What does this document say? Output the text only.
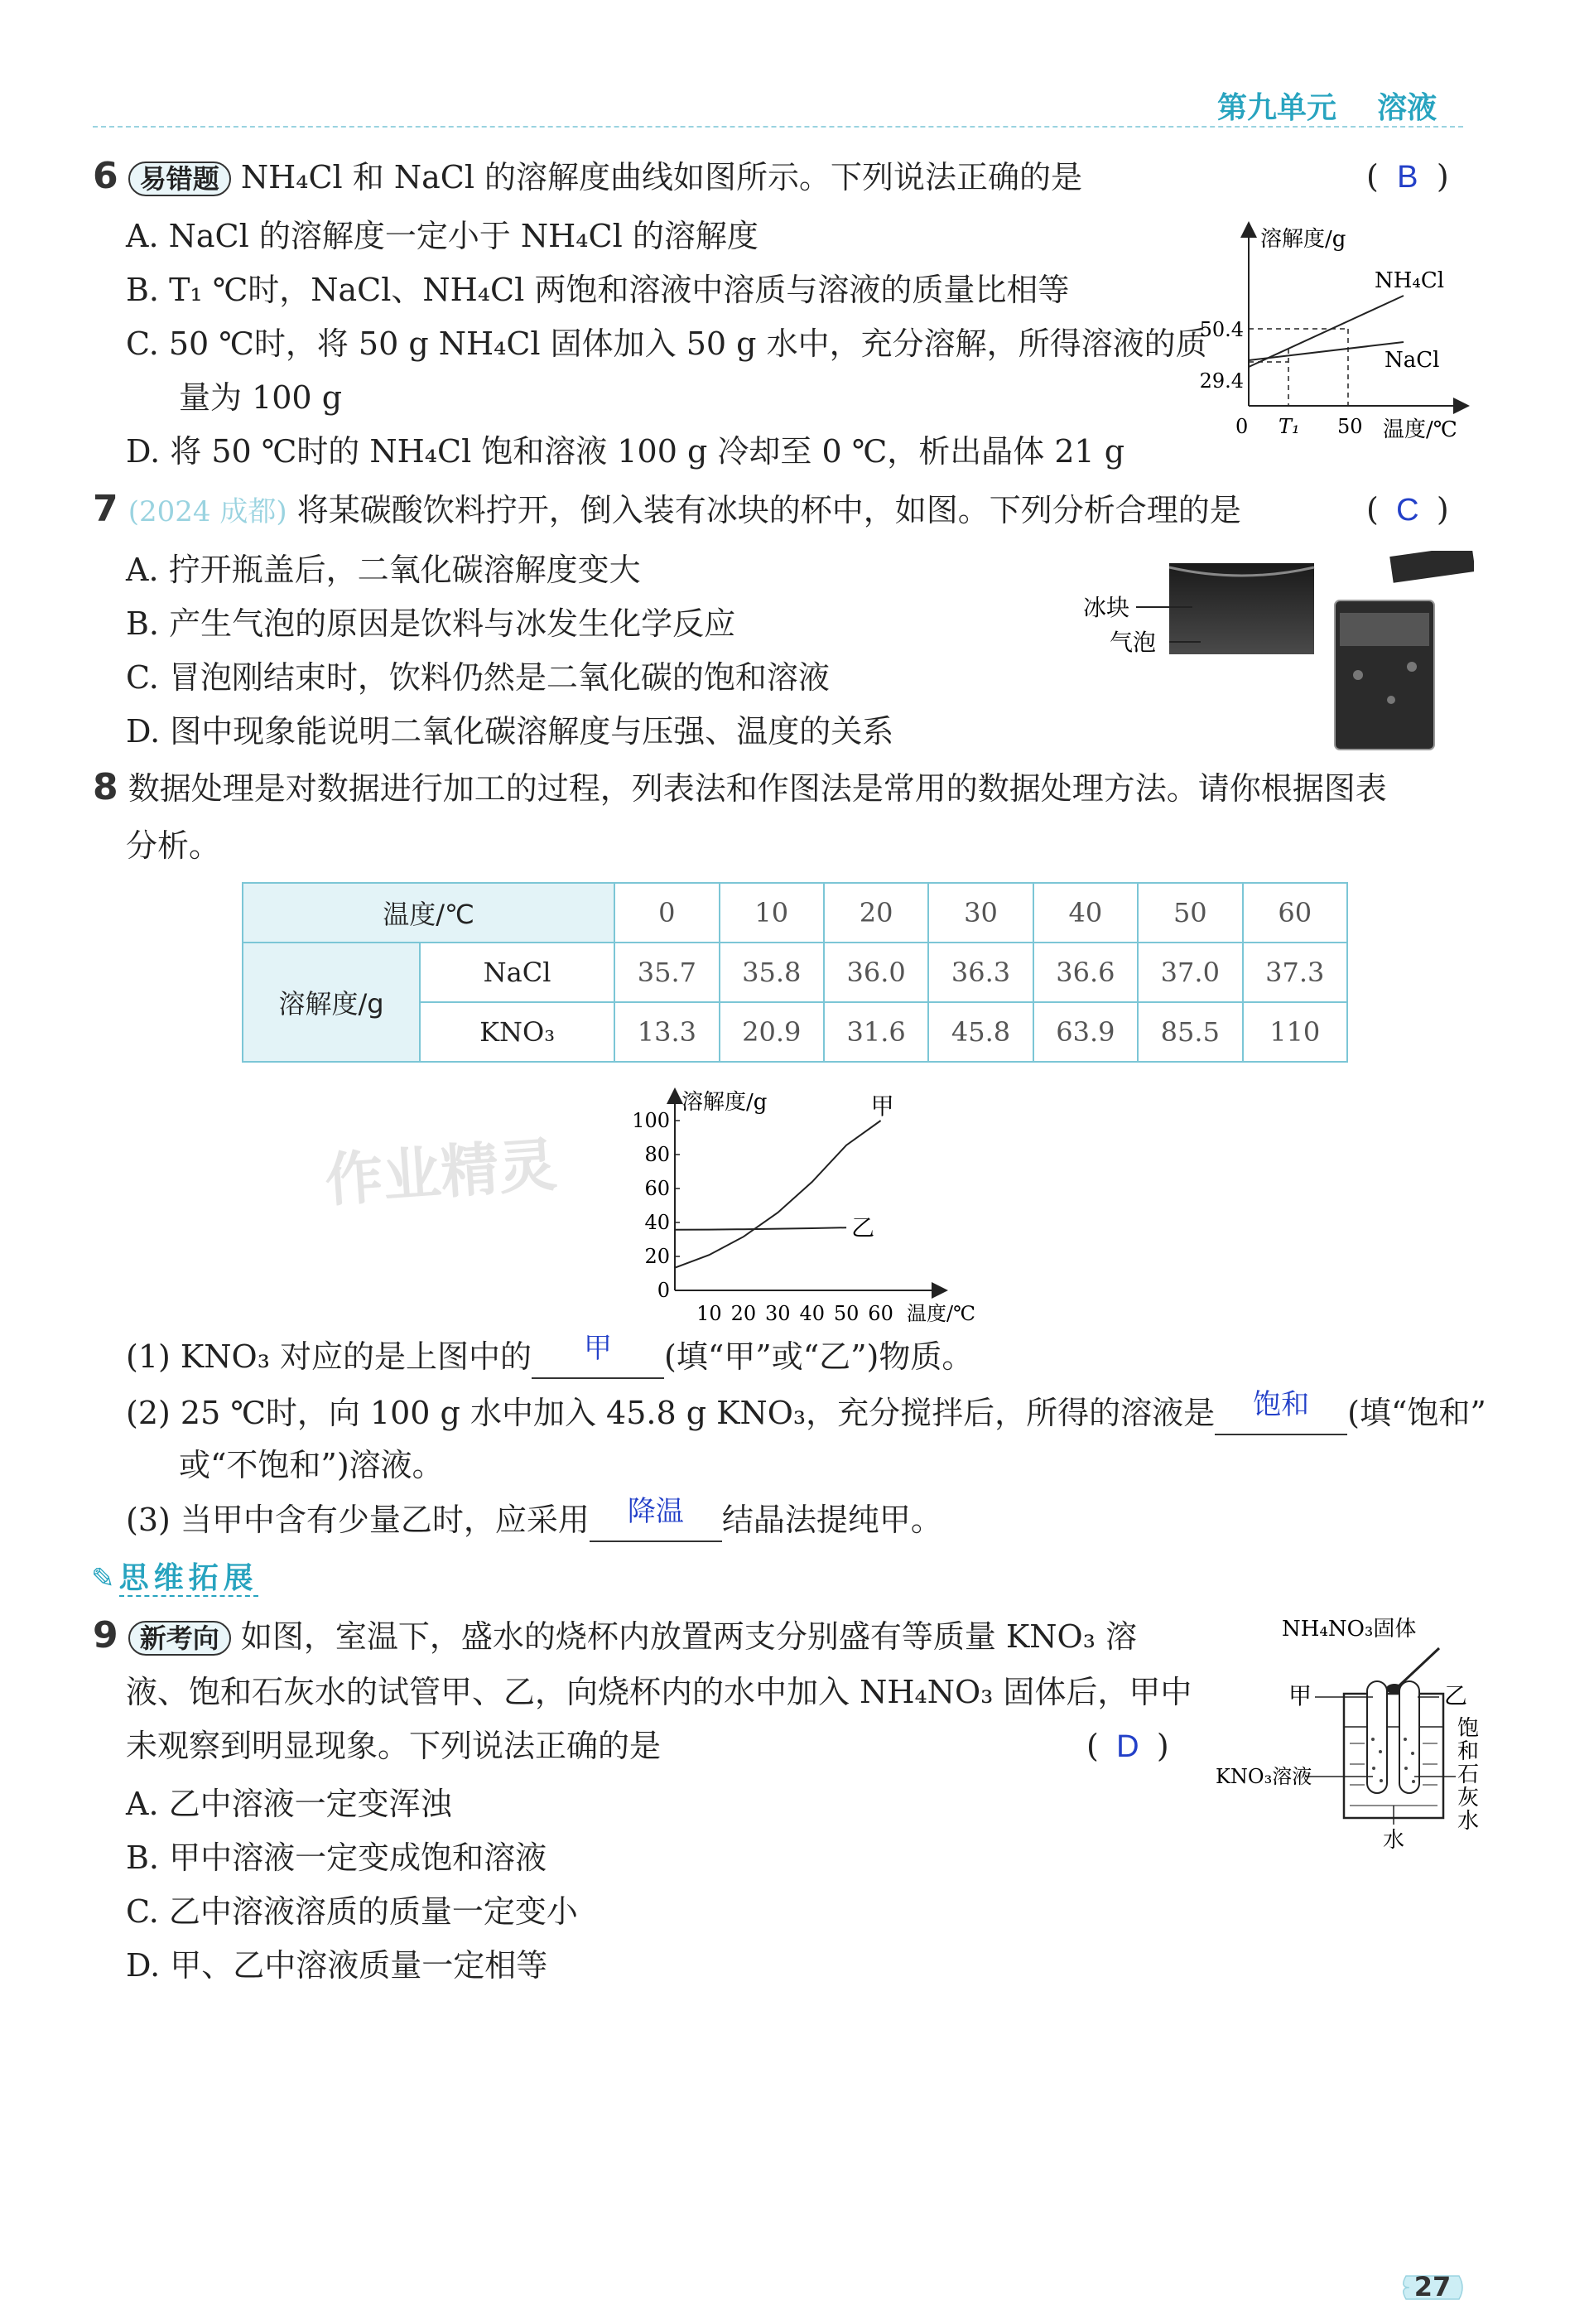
第九单元 溶液
6 易错题 NH₄Cl 和 NaCl 的溶解度曲线如图所示。下列说法正确的是	( B )
A. NaCl 的溶解度一定小于 NH₄Cl 的溶解度
B. T₁ ℃时，NaCl、NH₄Cl 两饱和溶液中溶质与溶液的质量比相等
C. 50 ℃时，将 50 g NH₄Cl 固体加入 50 g 水中，充分溶解，所得溶液的质
量为 100 g
D. 将 50 ℃时的 NH₄Cl 饱和溶液 100 g 冷却至 0 ℃，析出晶体 21 g
溶解度/g
NH₄Cl
NaCl
50.4
29.4
0 T₁ 50 温度/℃
7 (2024 成都) 将某碳酸饮料拧开，倒入装有冰块的杯中，如图。下列分析合理的是	( C )
A. 拧开瓶盖后，二氧化碳溶解度变大
B. 产生气泡的原因是饮料与冰发生化学反应
C. 冒泡刚结束时，饮料仍然是二氧化碳的饱和溶液
D. 图中现象能说明二氧化碳溶解度与压强、温度的关系
冰块
气泡
8 数据处理是对数据进行加工的过程，列表法和作图法是常用的数据处理方法。请你根据图表
分析。
温度/℃		0	10	20	30	40	50	60
溶解度/g	NaCl	35.7	35.8	36.0	36.3	36.6	37.0	37.3
	KNO₃	13.3	20.9	31.6	45.8	63.9	85.5	110
作业精灵
溶解度/g
温度/℃
0
20
40
60
80
100
10 20 30 40 50 60
甲
乙
(1) KNO₃ 对应的是上图中的 甲 (填“甲”或“乙”)物质。
(2) 25 ℃时，向 100 g 水中加入 45.8 g KNO₃，充分搅拌后，所得的溶液是 饱和 (填“饱和”
或“不饱和”)溶液。
(3) 当甲中含有少量乙时，应采用 降温 结晶法提纯甲。
✎ 思维拓展
9 新考向 如图，室温下，盛水的烧杯内放置两支分别盛有等质量 KNO₃ 溶
液、饱和石灰水的试管甲、乙，向烧杯内的水中加入 NH₄NO₃ 固体后，甲中
未观察到明显现象。下列说法正确的是	( D )
A. 乙中溶液一定变浑浊
B. 甲中溶液一定变成饱和溶液
C. 乙中溶液溶质的质量一定变小
D. 甲、乙中溶液质量一定相等
NH₄NO₃固体
甲	乙
KNO₃溶液
水
饱
和
石
灰
水
27
